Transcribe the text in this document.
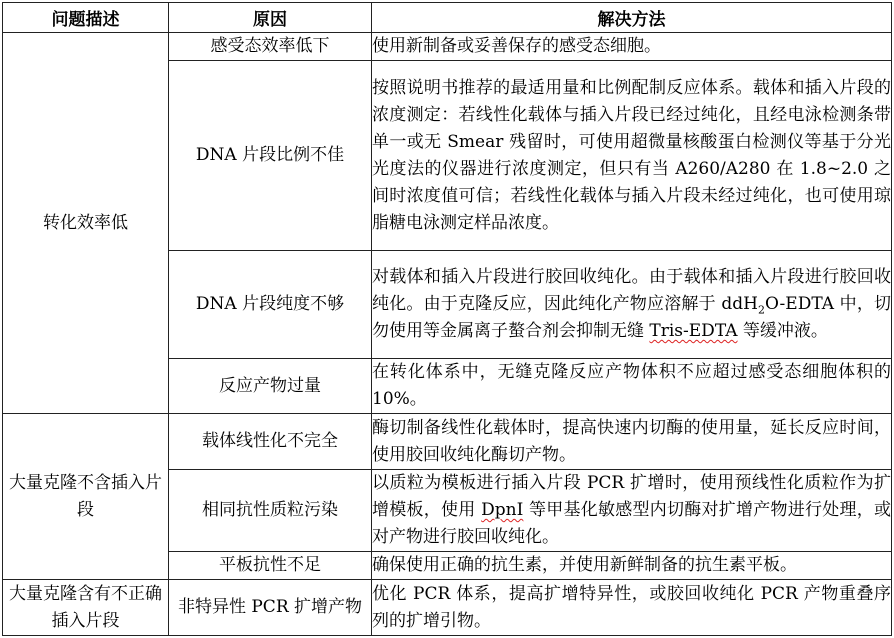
问题描述	原因	解决方法
转化效率低	感受态效率低下	使用新制备或妥善保存的感受态细胞。
	DNA 片段比例不佳	按照说明书推荐的最适用量和比例配制反应体系。载体和插入片段的浓度测定：若线性化载体与插入片段已经过纯化，且经电泳检测条带单一或无 Smear 残留时，可使用超微量核酸蛋白检测仪等基于分光光度法的仪器进行浓度测定，但只有当 A260/A280 在 1.8~2.0 之间时浓度值可信；若线性化载体与插入片段未经过纯化，也可使用琼脂糖电泳测定样品浓度。
	DNA 片段纯度不够	对载体和插入片段进行胶回收纯化。由于载体和插入片段进行胶回收纯化。由于克隆反应，因此纯化产物应溶解于 ddH$_2$O-EDTA 中，切勿使用等金属离子螯合剂会抑制无缝 Tris-EDTA 等缓冲液。
	反应产物过量	在转化体系中，无缝克隆反应产物体积不应超过感受态细胞体积的 10%。
大量克隆不含插入片段	载体线性化不完全	酶切制备线性化载体时，提高快速内切酶的使用量，延长反应时间，使用胶回收纯化酶切产物。
	相同抗性质粒污染	以质粒为模板进行插入片段 PCR 扩增时，使用预线性化质粒作为扩增模板，使用 DpnI 等甲基化敏感型内切酶对扩增产物进行处理，或对产物进行胶回收纯化。
	平板抗性不足	确保使用正确的抗生素，并使用新鲜制备的抗生素平板。
大量克隆含有不正确插入片段	非特异性 PCR 扩增产物	优化 PCR 体系，提高扩增特异性，或胶回收纯化 PCR 产物重叠序列的扩增引物。
